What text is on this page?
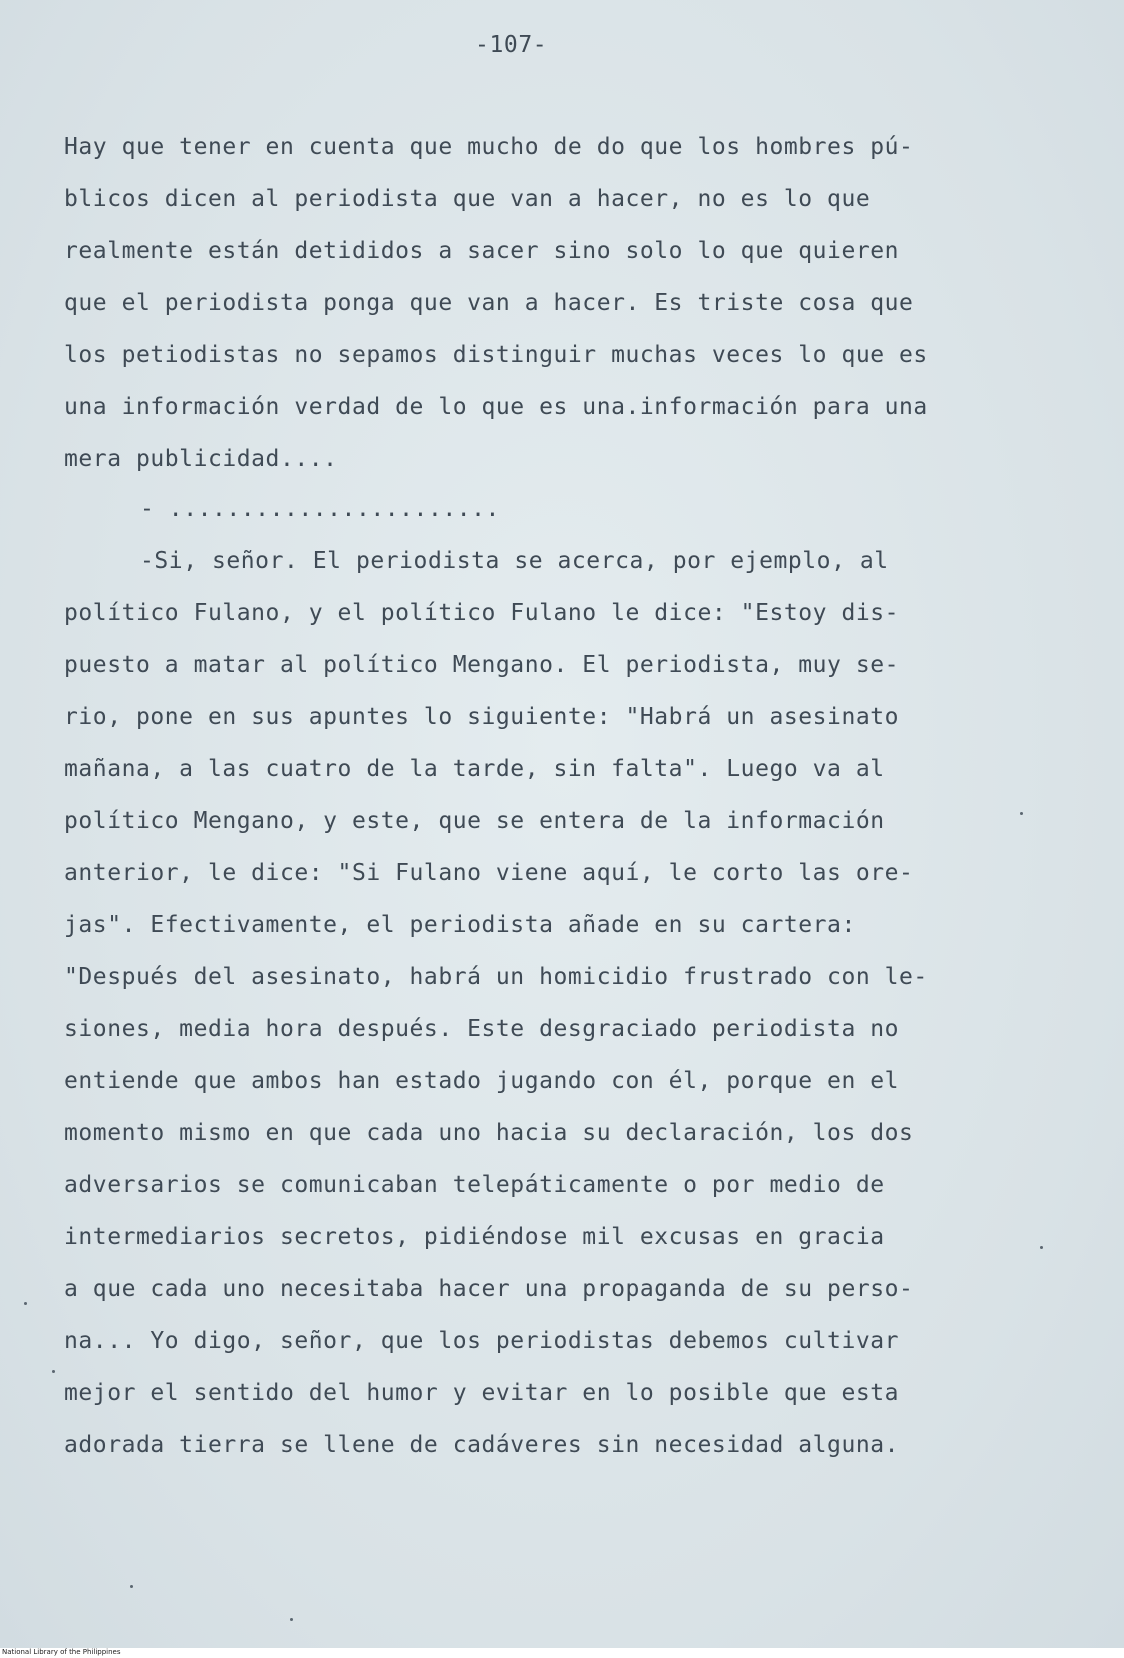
-107-
Hay que tener en cuenta que mucho de do que los hombres pú-
blicos dicen al periodista que van a hacer, no es lo que
realmente están detididos a sacer sino solo lo que quieren
que el periodista ponga que van a hacer. Es triste cosa que
los petiodistas no sepamos distinguir muchas veces lo que es
una información verdad de lo que es una.información para una
mera publicidad....
- .......................
-Si, señor. El periodista se acerca, por ejemplo, al
político Fulano, y el político Fulano le dice: "Estoy dis-
puesto a matar al político Mengano. El periodista, muy se-
rio, pone en sus apuntes lo siguiente: "Habrá un asesinato
mañana, a las cuatro de la tarde, sin falta". Luego va al
político Mengano, y este, que se entera de la información
anterior, le dice: "Si Fulano viene aquí, le corto las ore-
jas". Efectivamente, el periodista añade en su cartera:
"Después del asesinato, habrá un homicidio frustrado con le-
siones, media hora después. Este desgraciado periodista no
entiende que ambos han estado jugando con él, porque en el
momento mismo en que cada uno hacia su declaración, los dos
adversarios se comunicaban telepáticamente o por medio de
intermediarios secretos, pidiéndose mil excusas en gracia
a que cada uno necesitaba hacer una propaganda de su perso-
na... Yo digo, señor, que los periodistas debemos cultivar
mejor el sentido del humor y evitar en lo posible que esta
adorada tierra se llene de cadáveres sin necesidad alguna.
National Library of the Philippines
